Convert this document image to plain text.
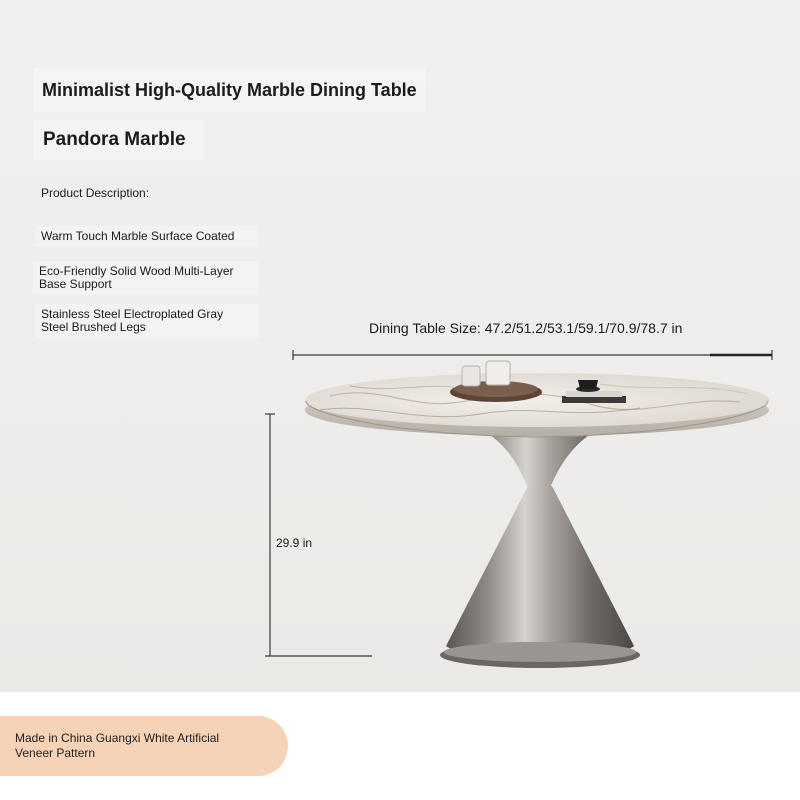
Minimalist High-Quality Marble Dining Table
Pandora Marble
Product Description:
Warm Touch Marble Surface Coated
Eco-Friendly Solid Wood Multi-Layer Base Support
Stainless Steel Electroplated Gray Steel Brushed Legs	Dining Table Size: 47.2/51.2/53.1/59.1/70.9/78.7 in
29.9 in
Made in China Guangxi White Artificial Veneer Pattern
